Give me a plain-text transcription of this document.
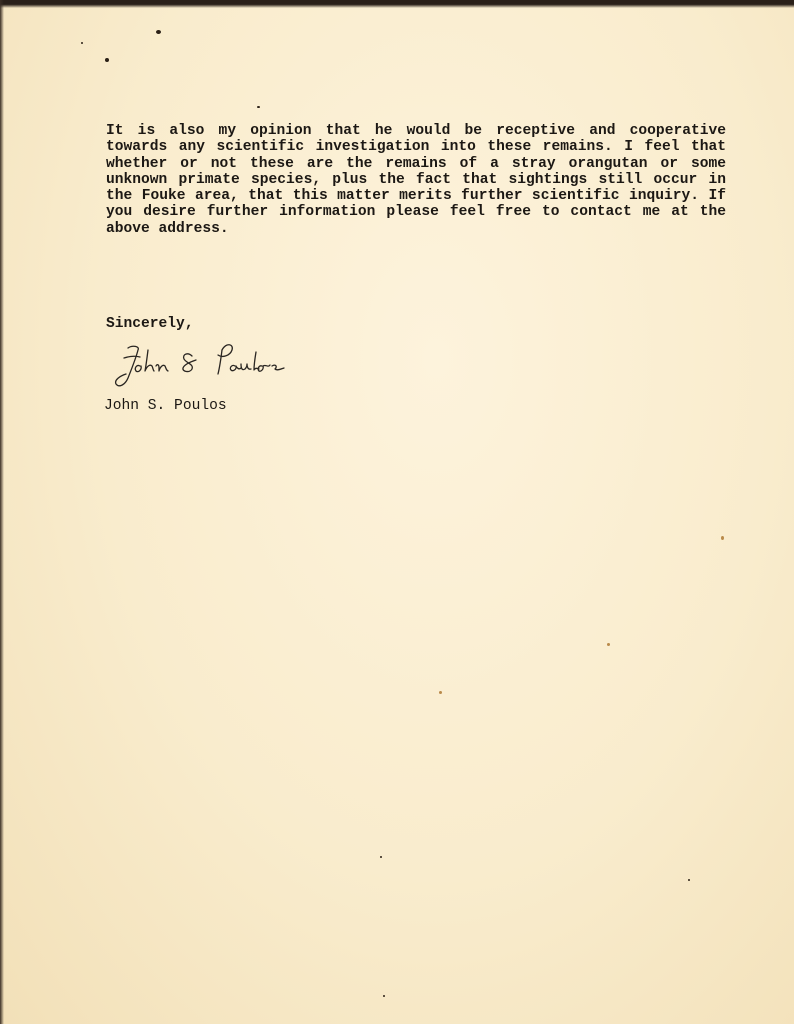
It is also my opinion that he would be receptive and cooperative towards any scientific investigation into these remains. I feel that whether or not these are the remains of a stray orangutan or some unknown primate species, plus the fact that sightings still occur in the Fouke area, that this matter merits further scientific inquiry. If you desire further information please feel free to contact me at the above address.

Sincerely,

John S. Poulos
